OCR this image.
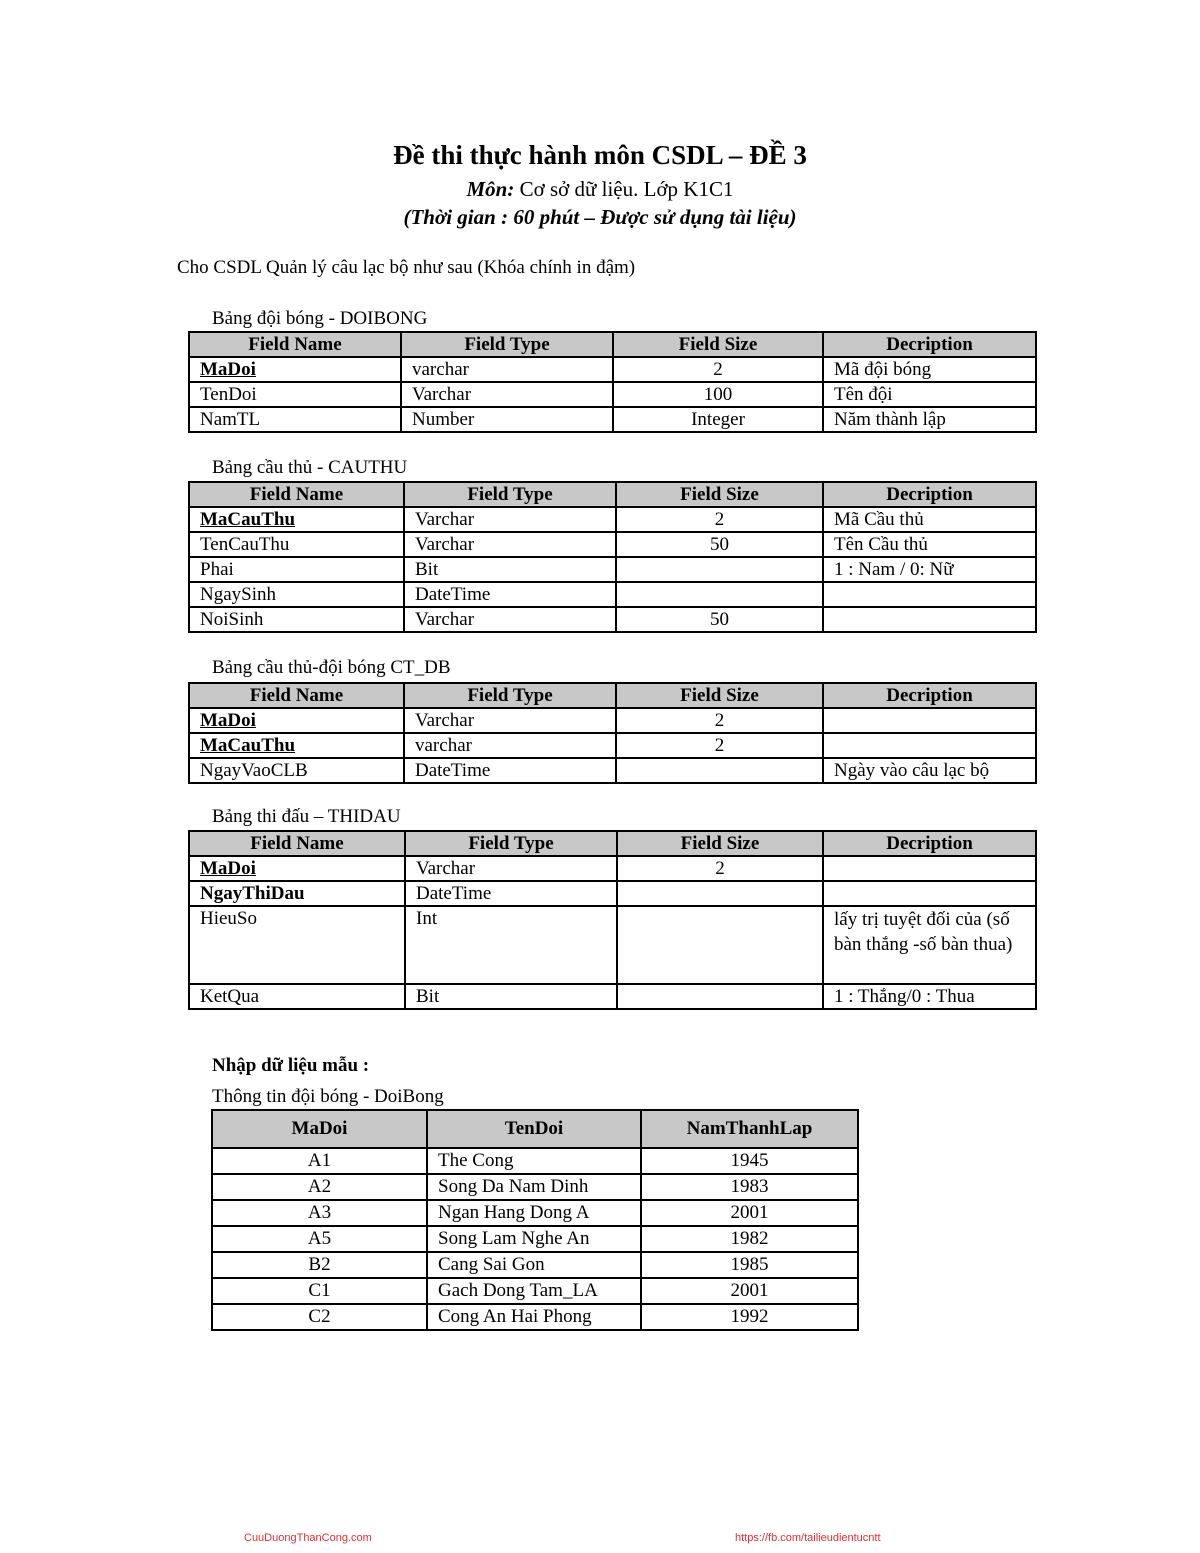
Đề thi thực hành môn CSDL – ĐỀ 3
Môn: Cơ sở dữ liệu. Lớp K1C1
(Thời gian : 60 phút – Được sử dụng tài liệu)
Cho CSDL Quản lý câu lạc bộ như sau (Khóa chính in đậm)
Bảng đội bóng - DOIBONG
Field Name	Field Type	Field Size	Decription
MaDoi	varchar	2	Mã đội bóng
TenDoi	Varchar	100	Tên đội
NamTL	Number	Integer	Năm thành lập
Bảng cầu thủ - CAUTHU
Field Name	Field Type	Field Size	Decription
MaCauThu	Varchar	2	Mã Cầu thủ
TenCauThu	Varchar	50	Tên Cầu thủ
Phai	Bit		1 : Nam / 0: Nữ
NgaySinh	DateTime		
NoiSinh	Varchar	50	
Bảng cầu thủ-đội bóng CT_DB
Field Name	Field Type	Field Size	Decription
MaDoi	Varchar	2	
MaCauThu	varchar	2	
NgayVaoCLB	DateTime		Ngày vào câu lạc bộ
Bảng thi đấu – THIDAU
Field Name	Field Type	Field Size	Decription
MaDoi	Varchar	2	
NgayThiDau	DateTime		
HieuSo	Int		lấy trị tuyệt đối của (số bàn thắng -số bàn thua)
KetQua	Bit		1 : Thắng/0 : Thua
Nhập dữ liệu mẫu :
Thông tin đội bóng - DoiBong
MaDoi	TenDoi	NamThanhLap
A1	The Cong	1945
A2	Song Da Nam Dinh	1983
A3	Ngan Hang Dong A	2001
A5	Song Lam Nghe An	1982
B2	Cang Sai Gon	1985
C1	Gach Dong Tam_LA	2001
C2	Cong An Hai Phong	1992
CuuDuongThanCong.com	https://fb.com/tailieudientucntt
